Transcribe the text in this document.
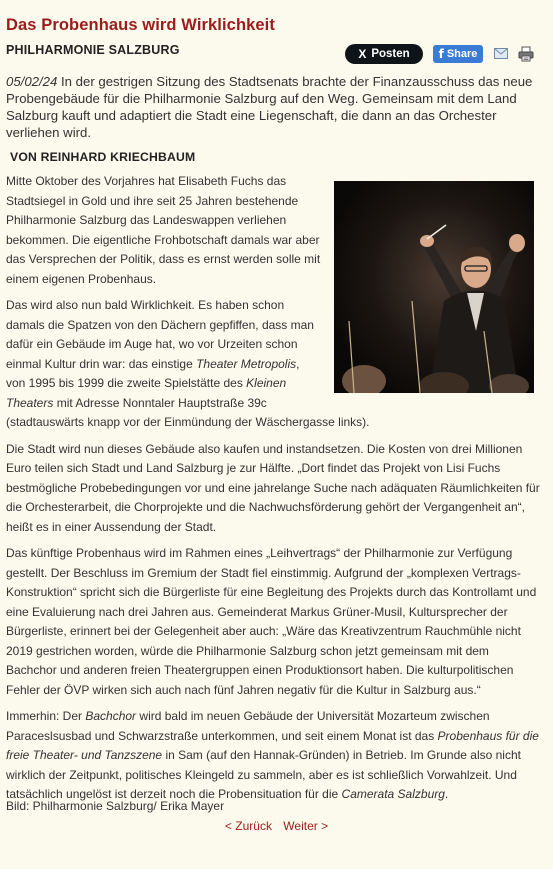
Das Probenhaus wird Wirklichkeit
PHILHARMONIE SALZBURG	X Posten f Share

05/02/24 In der gestrigen Sitzung des Stadtsenats brachte der Finanzausschuss das neue Probengebäude für die Philharmonie Salzburg auf den Weg. Gemeinsam mit dem Land Salzburg kauft und adaptiert die Stadt eine Liegenschaft, die dann an das Orchester verliehen wird.

VON REINHARD KRIECHBAUM

Mitte Oktober des Vorjahres hat Elisabeth Fuchs das Stadtsiegel in Gold und ihre seit 25 Jahren bestehende Philharmonie Salzburg das Landeswappen verliehen bekommen. Die eigentliche Frohbotschaft damals war aber das Versprechen der Politik, dass es ernst werden solle mit einem eigenen Probenhaus.

Das wird also nun bald Wirklichkeit. Es haben schon damals die Spatzen von den Dächern gepfiffen, dass man dafür ein Gebäude im Auge hat, wo vor Urzeiten schon einmal Kultur drin war: das einstige Theater Metropolis, von 1995 bis 1999 die zweite Spielstätte des Kleinen Theaters mit Adresse Nonntaler Hauptstraße 39c (stadtauswärts knapp vor der Einmündung der Wäschergasse links).

Die Stadt wird nun dieses Gebäude also kaufen und instandsetzen. Die Kosten von drei Millionen Euro teilen sich Stadt und Land Salzburg je zur Hälfte. „Dort findet das Projekt von Lisi Fuchs bestmögliche Probebedingungen vor und eine jahrelange Suche nach adäquaten Räumlichkeiten für die Orchesterarbeit, die Chorprojekte und die Nachwuchsförderung gehört der Vergangenheit an“, heißt es in einer Aussendung der Stadt.

Das künftige Probenhaus wird im Rahmen eines „Leihvertrags“ der Philharmonie zur Verfügung gestellt. Der Beschluss im Gremium der Stadt fiel einstimmig. Aufgrund der „komplexen Vertrags-Konstruktion“ spricht sich die Bürgerliste für eine Begleitung des Projekts durch das Kontrollamt und eine Evaluierung nach drei Jahren aus. Gemeinderat Markus Grüner-Musil, Kultursprecher der Bürgerliste, erinnert bei der Gelegenheit aber auch: „Wäre das Kreativzentrum Rauchmühle nicht 2019 gestrichen worden, würde die Philharmonie Salzburg schon jetzt gemeinsam mit dem Bachchor und anderen freien Theatergruppen einen Produktionsort haben. Die kulturpolitischen Fehler der ÖVP wirken sich auch nach fünf Jahren negativ für die Kultur in Salzburg aus.“

Immerhin: Der Bachchor wird bald im neuen Gebäude der Universität Mozarteum zwischen Paraceslsusbad und Schwarzstraße unterkommen, und seit einem Monat ist das Probenhaus für die freie Theater- und Tanzszene in Sam (auf den Hannak-Gründen) in Betrieb. Im Grunde also nicht wirklich der Zeitpunkt, politisches Kleingeld zu sammeln, aber es ist schließlich Vorwahlzeit. Und tatsächlich ungelöst ist derzeit noch die Probensituation für die Camerata Salzburg.

Bild: Philharmonie Salzburg/ Erika Mayer

< Zurück Weiter >
